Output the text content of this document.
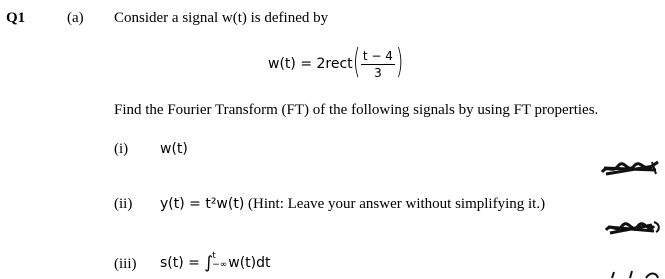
Q1	(a) Consider a signal w(t) is defined by
w(t) = 2rect ( $\frac{t - 4}{3}$ )
Find the Fourier Transform (FT) of the following signals by using FT properties.
(i) w(t)
(ii) y(t) = t²w(t) (Hint: Leave your answer without simplifying it.)
(iii) s(t) = ∫ t
−∞ w(t)dt
